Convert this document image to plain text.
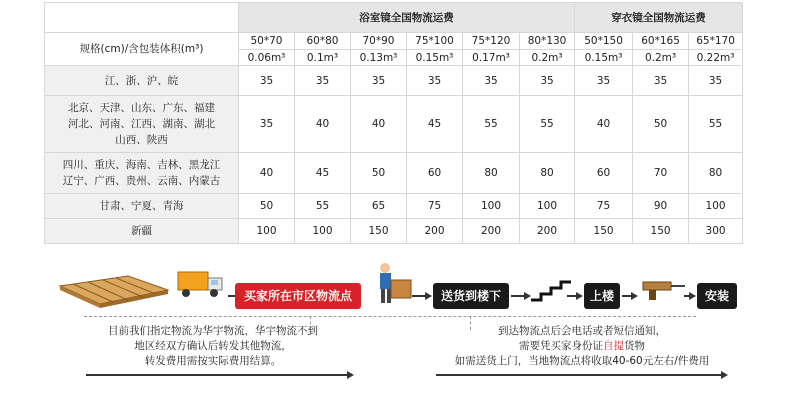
	浴室镜全国物流运费						穿衣镜全国物流运费		
规格(cm)/含包装体积(m³)	50*70	60*80	70*90	75*100	75*120	80*130	50*150	60*165	65*170
	0.06m³	0.1m³	0.13m³	0.15m³	0.17m³	0.2m³	0.15m³	0.2m³	0.22m³

江、浙、沪、皖	35	35	35	35	35	35	35	35	35

北京、天津、山东、广东、福建
河北、河南、江西、湖南、湖北
山西、陕西	35	40	40	45	55	55	40	50	55

四川、重庆、海南、吉林、黑龙江
辽宁、广西、贵州、云南、内蒙古	40	45	50	60	80	80	60	70	80

甘肃、宁夏、青海	50	55	65	75	100	100	75	90	100

新疆	100	100	150	200	200	200	150	150	300
买家所在市区物流点	送货到楼下	上楼	安装
目前我们指定物流为华宇物流，华宇物流不到
地区经双方确认后转发其他物流，
转发费用需按实际费用结算。
到达物流点后会电话或者短信通知，
需要凭买家身份证自提货物
如需送货上门，当地物流点将收取40-60元左右/件费用
